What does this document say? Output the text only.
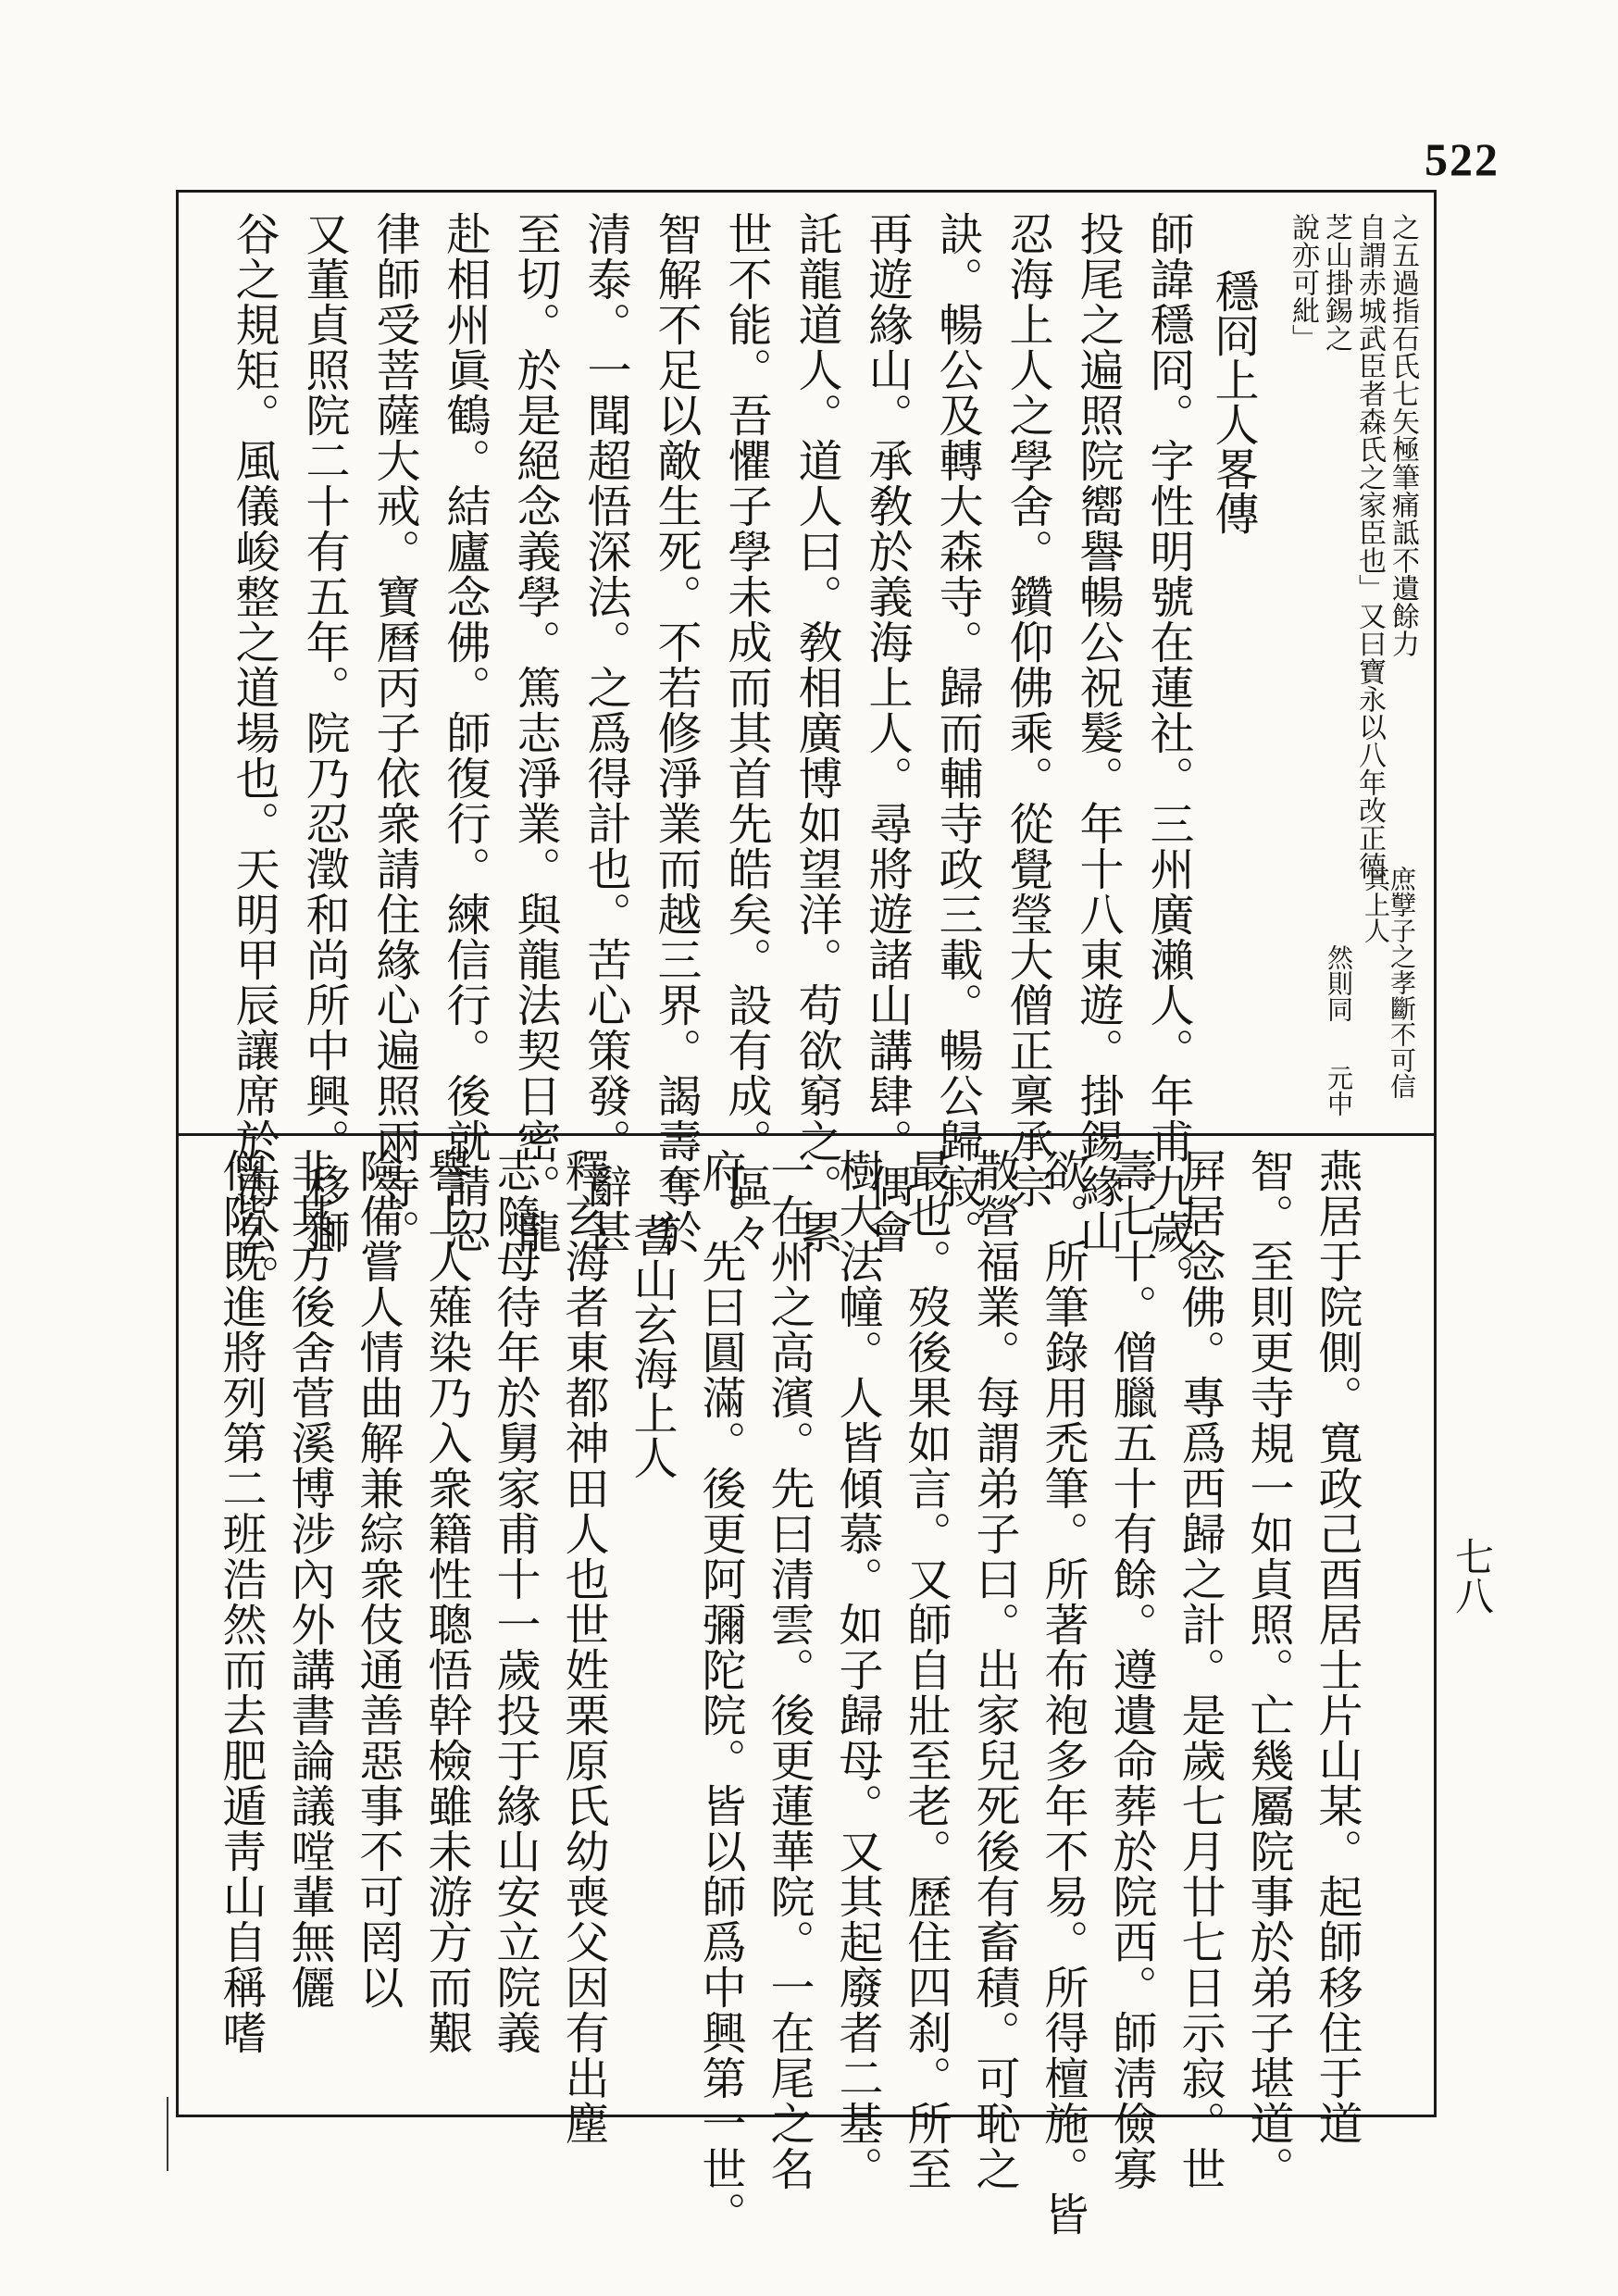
522
之五過指石氏七矢極筆痛詆不遺餘力
庶孼子之孝斷不可信
其上人
自謂赤城武臣者森氏之家臣也」又曰寶永以八年改正德
然則同
元中
芝山掛錫之
說亦可紕」
穩冏上人畧傳
師諱穩冏。字性明號在蓮社。三州廣瀨人。年甫九歲。
投尾之遍照院嚮譽暢公祝髮。年十八東遊。掛錫緣山
忍海上人之學舍。鑽仰佛乘。從覺瑩大僧正稟承宗
訣。暢公及轉大森寺。歸而輔寺政三載。暢公歸寂。
再遊緣山。承敎於義海上人。尋將遊諸山講肆。偶會
託龍道人。道人曰。敎相廣博如望洋。苟欲窮之。累
世不能。吾懼子學未成而其首先皓矣。設有成。區々
智解不足以敵生死。不若修淨業而越三界。謁壽奪於
清泰。一聞超悟深法。之爲得計也。苦心策發。辭甚
至切。於是絕念義學。篤志淨業。與龍法契日密。龍
赴相州眞鶴。結廬念佛。師復行。練信行。後就請忍
律師受菩薩大戒。寶曆丙子依衆請住緣心遍照兩寺。
又董貞照院二十有五年。院乃忍澂和尚所中興。移獅
谷之規矩。風儀峻整之道場也。天明甲辰讓席於海公。
燕居于院側。寬政己酉居士片山某。起師移住于道
智。至則更寺規一如貞照。亡幾屬院事於弟子堪道。
屛居念佛。專爲西歸之計。是歲七月廿七日示寂。世
壽七十。僧臘五十有餘。遵遺命葬於院西。師淸儉寡
欲。所筆錄用禿筆。所著布袍多年不易。所得檀施。皆
散營福業。每謂弟子曰。出家兒死後有畜積。可恥之
最也。歿後果如言。又師自壯至老。歷住四刹。所至
樹大法幢。人皆傾慕。如子歸母。又其起廢者二基。
一在州之高濱。先曰清雲。後更蓮華院。一在尾之名
府。先曰圓滿。後更阿彌陀院。皆以師爲中興第一世。
耆山玄海上人
釋玄海者東都神田人也世姓栗原氏幼喪父因有出塵
志隨母待年於舅家甫十一歲投于緣山安立院義
譽上人薙染乃入衆籍性聰悟幹檢雖未游方而艱
險備嘗人情曲解兼綜衆伎通善惡事不可罔以
非其方後舍菅溪博涉內外講書論議嘡輩無儷
僧階既進將列第二班浩然而去肥遁靑山自稱嗜	七八
